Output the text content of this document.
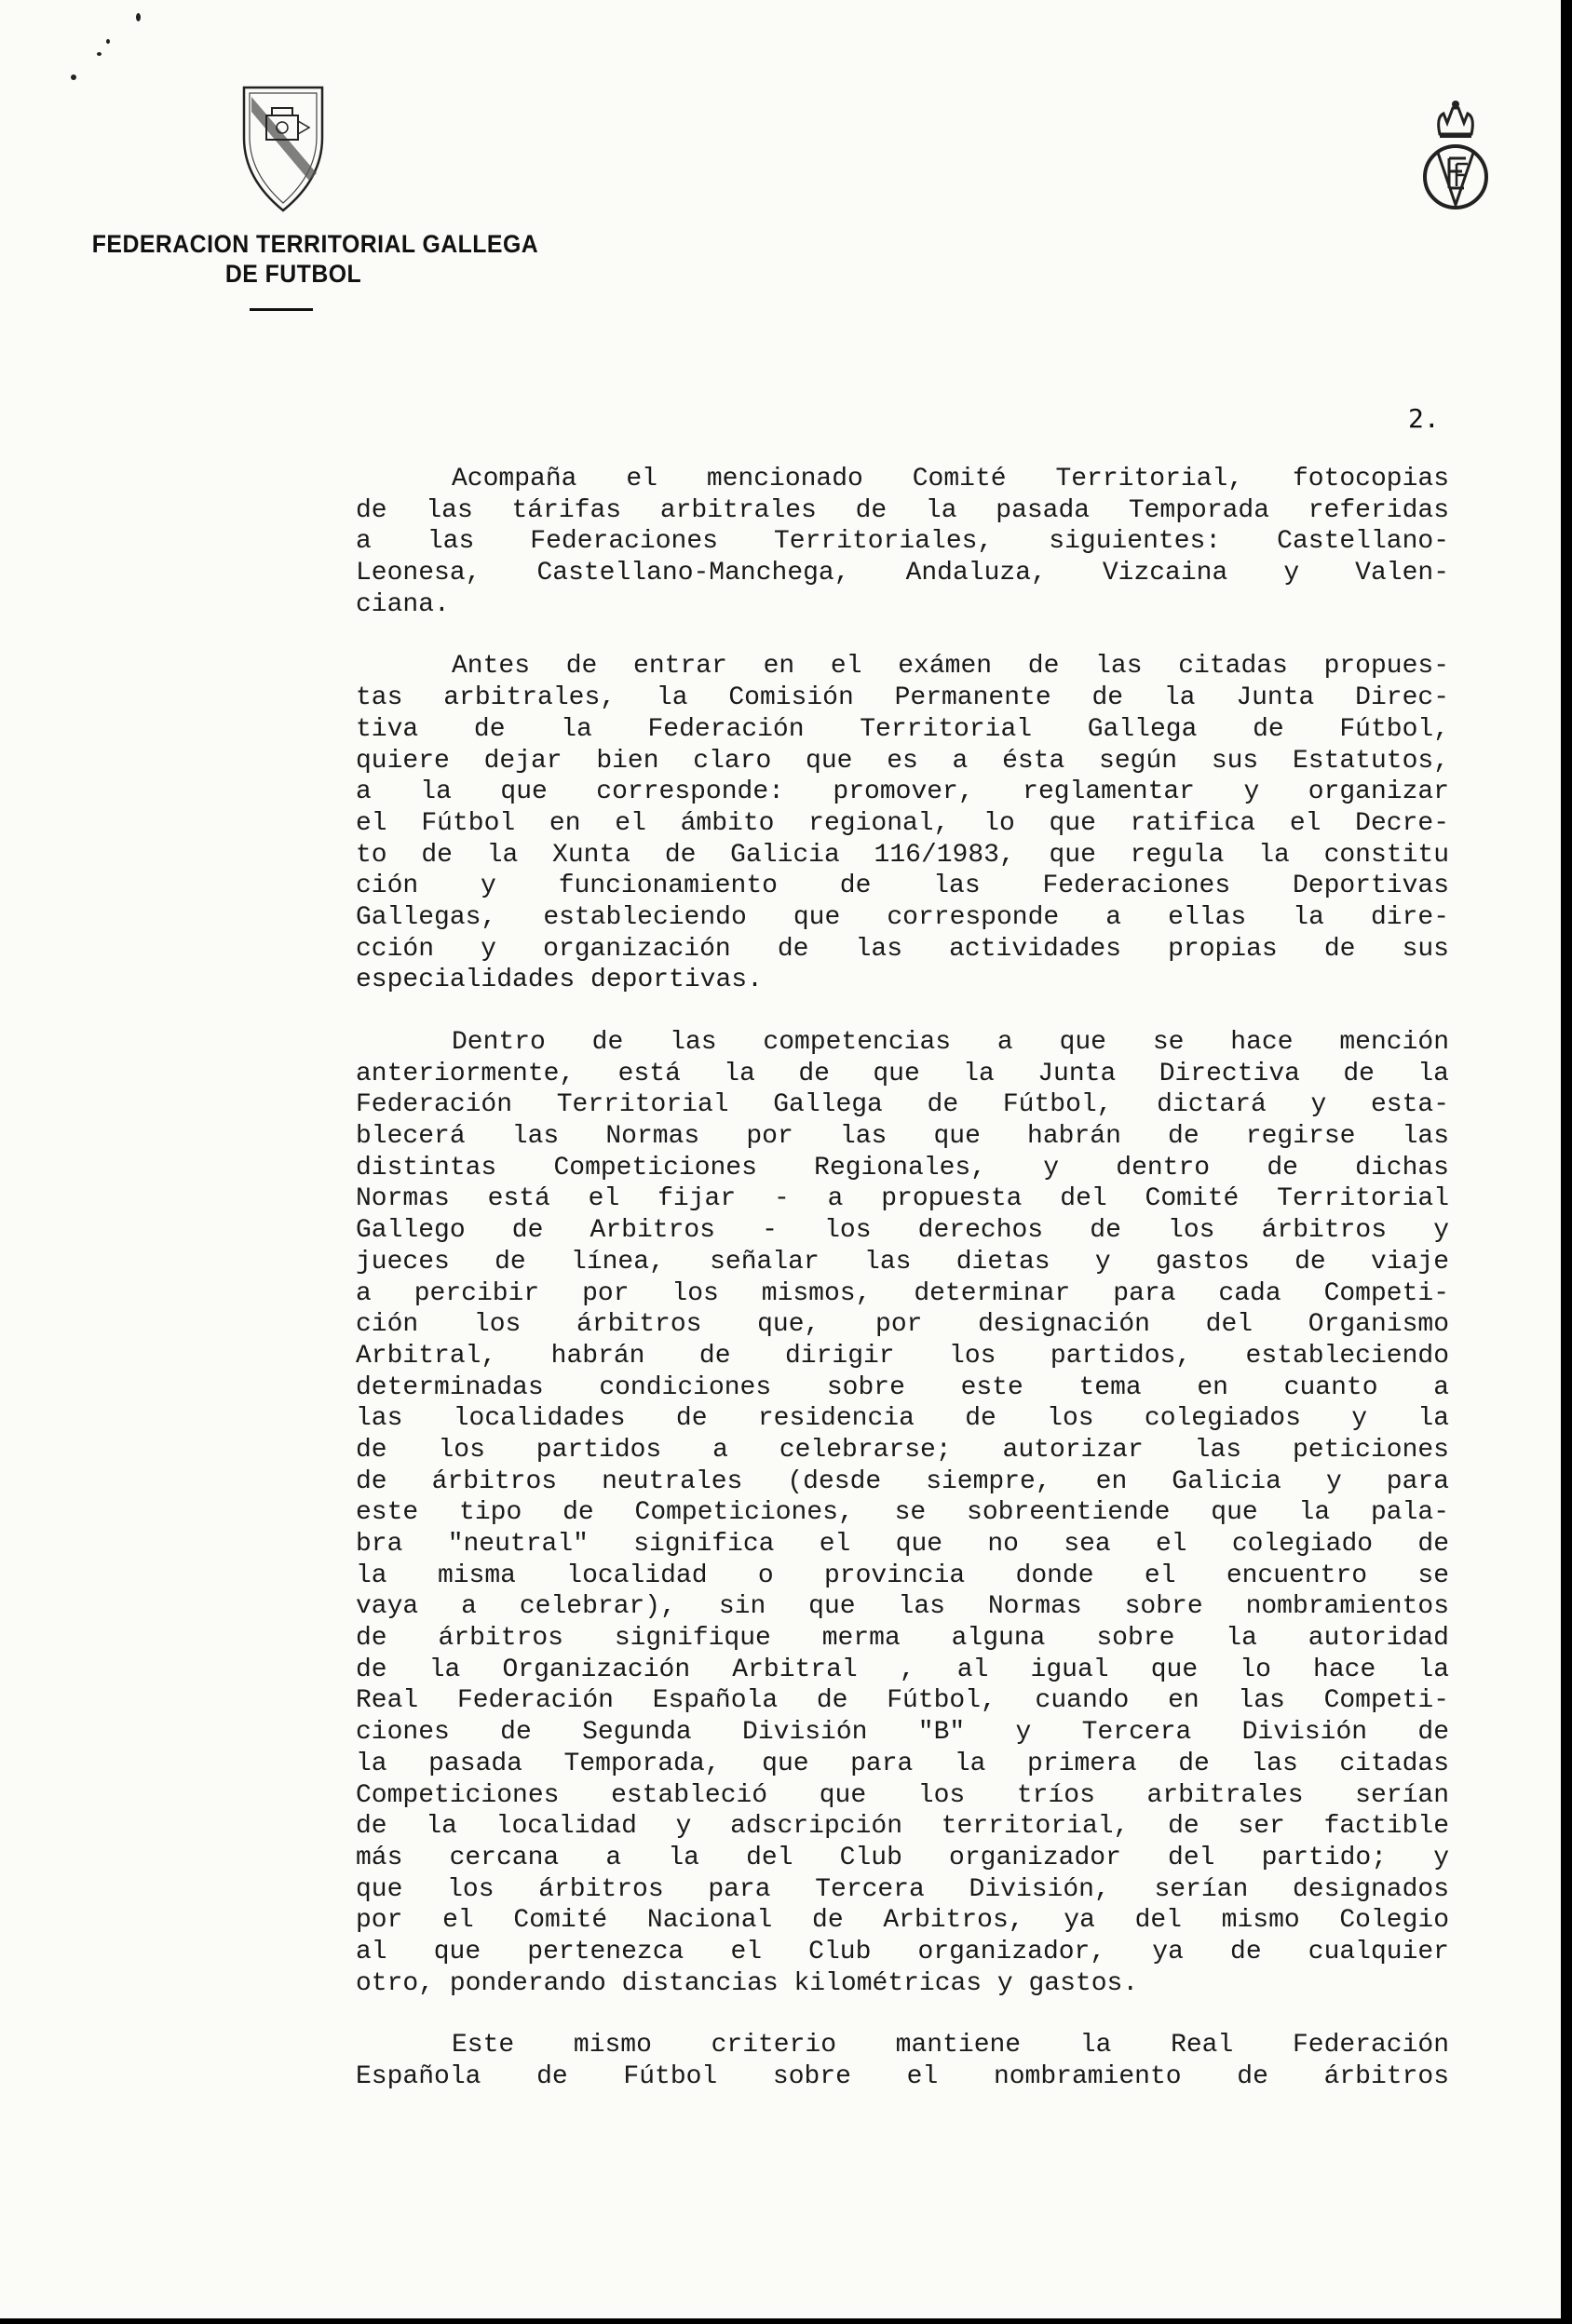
FEDERACION TERRITORIAL GALLEGA
DE FUTBOL
2.
Acompaña el mencionado Comité Territorial, fotocopias
de las tárifas arbitrales de la pasada Temporada referidas
a las Federaciones Territoriales, siguientes: Castellano-
Leonesa, Castellano-Manchega, Andaluza, Vizcaina y Valen-
ciana.
Antes de entrar en el exámen de las citadas propues-
tas arbitrales, la Comisión Permanente de la Junta Direc-
tiva de la Federación Territorial Gallega de Fútbol,
quiere dejar bien claro que es a ésta según sus Estatutos,
a la que corresponde: promover, reglamentar y organizar
el Fútbol en el ámbito regional, lo que ratifica el Decre-
to de la Xunta de Galicia 116/1983, que regula la constitu
ción y funcionamiento de las Federaciones Deportivas
Gallegas, estableciendo que corresponde a ellas la dire-
cción y organización de las actividades propias de sus
especialidades deportivas.
Dentro de las competencias a que se hace mención
anteriormente, está la de que la Junta Directiva de la
Federación Territorial Gallega de Fútbol, dictará y esta-
blecerá las Normas por las que habrán de regirse las
distintas Competiciones Regionales, y dentro de dichas
Normas está el fijar - a propuesta del Comité Territorial
Gallego de Arbitros - los derechos de los árbitros y
jueces de línea, señalar las dietas y gastos de viaje
a percibir por los mismos, determinar para cada Competi-
ción los árbitros que, por designación del Organismo
Arbitral, habrán de dirigir los partidos, estableciendo
determinadas condiciones sobre este tema en cuanto a
las localidades de residencia de los colegiados y la
de los partidos a celebrarse; autorizar las peticiones
de árbitros neutrales (desde siempre, en Galicia y para
este tipo de Competiciones, se sobreentiende que la pala-
bra "neutral" significa el que no sea el colegiado de
la misma localidad o provincia donde el encuentro se
vaya a celebrar), sin que las Normas sobre nombramientos
de árbitros signifique merma alguna sobre la autoridad
de la Organización Arbitral , al igual que lo hace la
Real Federación Española de Fútbol, cuando en las Competi-
ciones de Segunda División "B" y Tercera División de
la pasada Temporada, que para la primera de las citadas
Competiciones estableció que los tríos arbitrales serían
de la localidad y adscripción territorial, de ser factible
más cercana a la del Club organizador del partido; y
que los árbitros para Tercera División, serían designados
por el Comité Nacional de Arbitros, ya del mismo Colegio
al que pertenezca el Club organizador, ya de cualquier
otro, ponderando distancias kilométricas y gastos.
Este mismo criterio mantiene la Real Federación
Española de Fútbol sobre el nombramiento de árbitros
